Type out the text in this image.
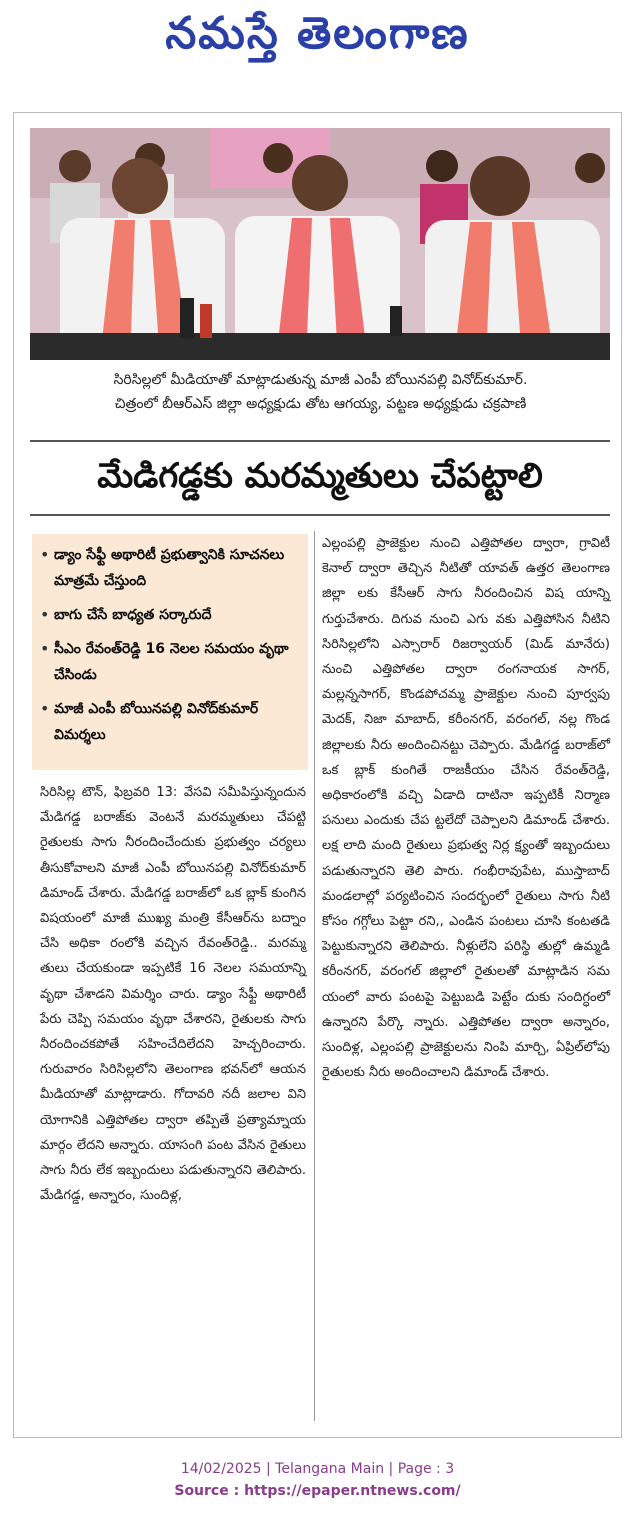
నమస్తే తెలంగాణ
సిరిసిల్లలో మీడియాతో మాట్లాడుతున్న మాజీ ఎంపీ బోయినపల్లి వినోద్‌కుమార్.
చిత్రంలో బీఆర్‌ఎస్ జిల్లా అధ్యక్షుడు తోట ఆగయ్య, పట్టణ అధ్యక్షుడు చక్రపాణి
మేడిగడ్డకు మరమ్మతులు చేపట్టాలి
• డ్యాం సేఫ్టీ అథారిటీ ప్రభుత్వానికి సూచనలు మాత్రమే చేస్తుంది
• బాగు చేసే బాధ్యత సర్కారుదే
• సీఎం రేవంత్‌రెడ్డి 16 నెలల సమయం వృథా చేసిండు
• మాజీ ఎంపీ బోయినపల్లి వినోద్‌కుమార్ విమర్శలు
సిరిసిల్ల టౌన్, ఫిబ్రవరి 13: వేసవి సమీపిస్తున్నందున మేడిగడ్డ బరాజ్‌కు వెంటనే మరమ్మతులు చేపట్టి రైతులకు సాగు నీరందించేందుకు ప్రభుత్వం చర్యలు తీసుకోవాలని మాజీ ఎంపీ బోయినపల్లి వినోద్‌కుమార్ డిమాండ్ చేశారు. మేడిగడ్డ బరాజ్‌లో ఒక బ్లాక్ కుంగిన విషయంలో మాజీ ముఖ్య మంత్రి కేసీఆర్‌ను బద్నాం చేసి అధికా రంలోకి వచ్చిన రేవంత్‌రెడ్డి.. మరమ్మ తులు చేయకుండా ఇప్పటికే 16 నెలల సమయాన్ని వృథా చేశాడని విమర్శిం చారు. డ్యాం సేఫ్టీ అథారిటీ పేరు చెప్పి సమయం వృథా చేశారని, రైతులకు సాగు నీరందించకపోతే సహించేదిలేదని హెచ్చరించారు. గురువారం సిరిసిల్లలోని తెలంగాణ భవన్‌లో ఆయన మీడియాతో మాట్లాడారు. గోదావరి నదీ జలాల విని యోగానికి ఎత్తిపోతల ద్వారా తప్పితే ప్రత్యామ్నాయ మార్గం లేదని అన్నారు. యాసంగి పంట వేసిన రైతులు సాగు నీరు లేక ఇబ్బందులు పడుతున్నారని తెలిపారు. మేడిగడ్డ, అన్నారం, సుందిళ్ల,
ఎల్లంపల్లి ప్రాజెక్టుల నుంచి ఎత్తిపోతల ద్వారా, గ్రావిటీ కెనాల్ ద్వారా తెచ్చిన నీటితో యావత్ ఉత్తర తెలంగాణ జిల్లా లకు కేసీఆర్ సాగు నీరందించిన విష యాన్ని గుర్తుచేశారు. దిగువ నుంచి ఎగు వకు ఎత్తిపోసిన నీటిని సిరిసిల్లలోని ఎస్సారార్ రిజర్వాయర్ (మిడ్ మానేరు) నుంచి ఎత్తిపోతల ద్వారా రంగనాయక సాగర్, మల్లన్నసాగర్, కొండపోచమ్మ ప్రాజెక్టుల నుంచి పూర్వపు మెదక్, నిజా మాబాద్, కరీంనగర్, వరంగల్, నల్ల గొండ జిల్లాలకు నీరు అందించినట్టు చెప్పారు. మేడిగడ్డ బరాజ్‌లో ఒక బ్లాక్ కుంగితే రాజకీయం చేసిన రేవంత్‌రెడ్డి, అధికారంలోకి వచ్చి ఏడాది దాటినా ఇప్పటికీ నిర్మాణ పనులు ఎందుకు చేప ట్టలేదో చెప్పాలని డిమాండ్ చేశారు. లక్ష లాది మంది రైతులు ప్రభుత్వ నిర్ల క్ష్యంతో ఇబ్బందులు పడుతున్నారని తెలి పారు. గంభీరావుపేట, ముస్తాబాద్ మండలాల్లో పర్యటించిన సందర్భంలో రైతులు సాగు నీటి కోసం గగ్గోలు పెట్టా రని,, ఎండిన పంటలు చూసి కంటతడి పెట్టుకున్నారని తెలిపారు. నీళ్లులేని పరిస్థి తుల్లో ఉమ్మడి కరీంనగర్, వరంగల్ జిల్లాలో రైతులతో మాట్లాడిన సమ యంలో వారు పంటపై పెట్టుబడి పెట్టేం దుకు సందిగ్ధంలో ఉన్నారని పేర్కొ న్నారు. ఎత్తిపోతల ద్వారా అన్నారం, సుందిళ్ల, ఎల్లంపల్లి ప్రాజెక్టులను నింపి మార్చి, ఏప్రిల్‌లోపు రైతులకు నీరు అందించాలని డిమాండ్ చేశారు.
14/02/2025 | Telangana Main | Page : 3
Source : https://epaper.ntnews.com/
